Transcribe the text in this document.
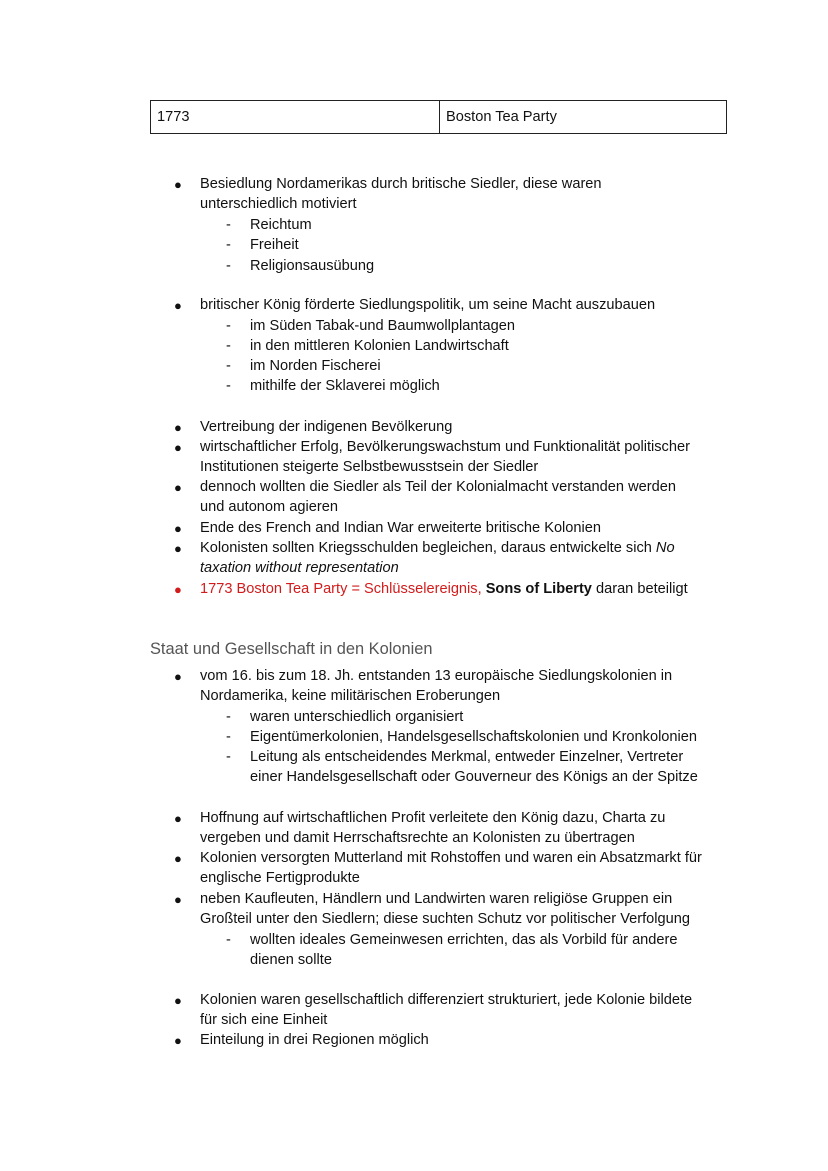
1773	Boston Tea Party
● Besiedlung Nordamerikas durch britische Siedler, diese waren
unterschiedlich motiviert
- Reichtum
- Freiheit
- Religionsausübung
● britischer König förderte Siedlungspolitik, um seine Macht auszubauen
- im Süden Tabak-und Baumwollplantagen
- in den mittleren Kolonien Landwirtschaft
- im Norden Fischerei
- mithilfe der Sklaverei möglich
● Vertreibung der indigenen Bevölkerung
● wirtschaftlicher Erfolg, Bevölkerungswachstum und Funktionalität politischer
Institutionen steigerte Selbstbewusstsein der Siedler
● dennoch wollten die Siedler als Teil der Kolonialmacht verstanden werden
und autonom agieren
● Ende des French and Indian War erweiterte britische Kolonien
● Kolonisten sollten Kriegsschulden begleichen, daraus entwickelte sich No
taxation without representation
● 1773 Boston Tea Party = Schlüsselereignis, Sons of Liberty daran beteiligt
Staat und Gesellschaft in den Kolonien
● vom 16. bis zum 18. Jh. entstanden 13 europäische Siedlungskolonien in
Nordamerika, keine militärischen Eroberungen
- waren unterschiedlich organisiert
- Eigentümerkolonien, Handelsgesellschaftskolonien und Kronkolonien
- Leitung als entscheidendes Merkmal, entweder Einzelner, Vertreter
einer Handelsgesellschaft oder Gouverneur des Königs an der Spitze
● Hoffnung auf wirtschaftlichen Profit verleitete den König dazu, Charta zu
vergeben und damit Herrschaftsrechte an Kolonisten zu übertragen
● Kolonien versorgten Mutterland mit Rohstoffen und waren ein Absatzmarkt für
englische Fertigprodukte
● neben Kaufleuten, Händlern und Landwirten waren religiöse Gruppen ein
Großteil unter den Siedlern; diese suchten Schutz vor politischer Verfolgung
- wollten ideales Gemeinwesen errichten, das als Vorbild für andere
dienen sollte
● Kolonien waren gesellschaftlich differenziert strukturiert, jede Kolonie bildete
für sich eine Einheit
● Einteilung in drei Regionen möglich
